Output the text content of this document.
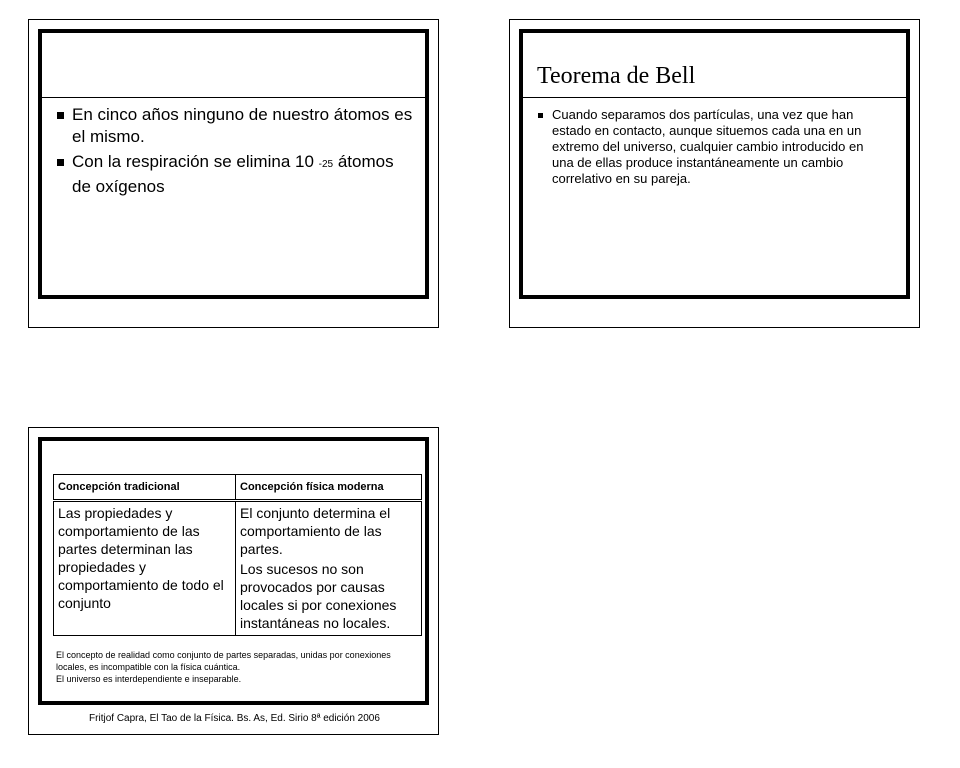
En cinco años ninguno de nuestro átomos es el mismo.
Con la respiración se elimina 10 -25 átomos de oxígenos
Teorema de Bell
Cuando separamos dos partículas, una vez que han estado en contacto, aunque situemos cada una en un extremo del universo, cualquier cambio introducido en una de ellas produce instantáneamente un cambio correlativo en su pareja.
Concepción tradicional	Concepción física moderna
Las propiedades y comportamiento de las partes determinan las propiedades y comportamiento de todo el conjunto	El conjunto determina el comportamiento de las partes.

Los sucesos no son provocados por causas locales si por conexiones instantáneas no locales.

El concepto de realidad como conjunto de partes separadas, unidas por conexiones locales, es incompatible con la física cuántica.
El universo es interdependiente e inseparable.
Fritjof Capra, El Tao de la Física. Bs. As, Ed. Sirio 8ª edición 2006
